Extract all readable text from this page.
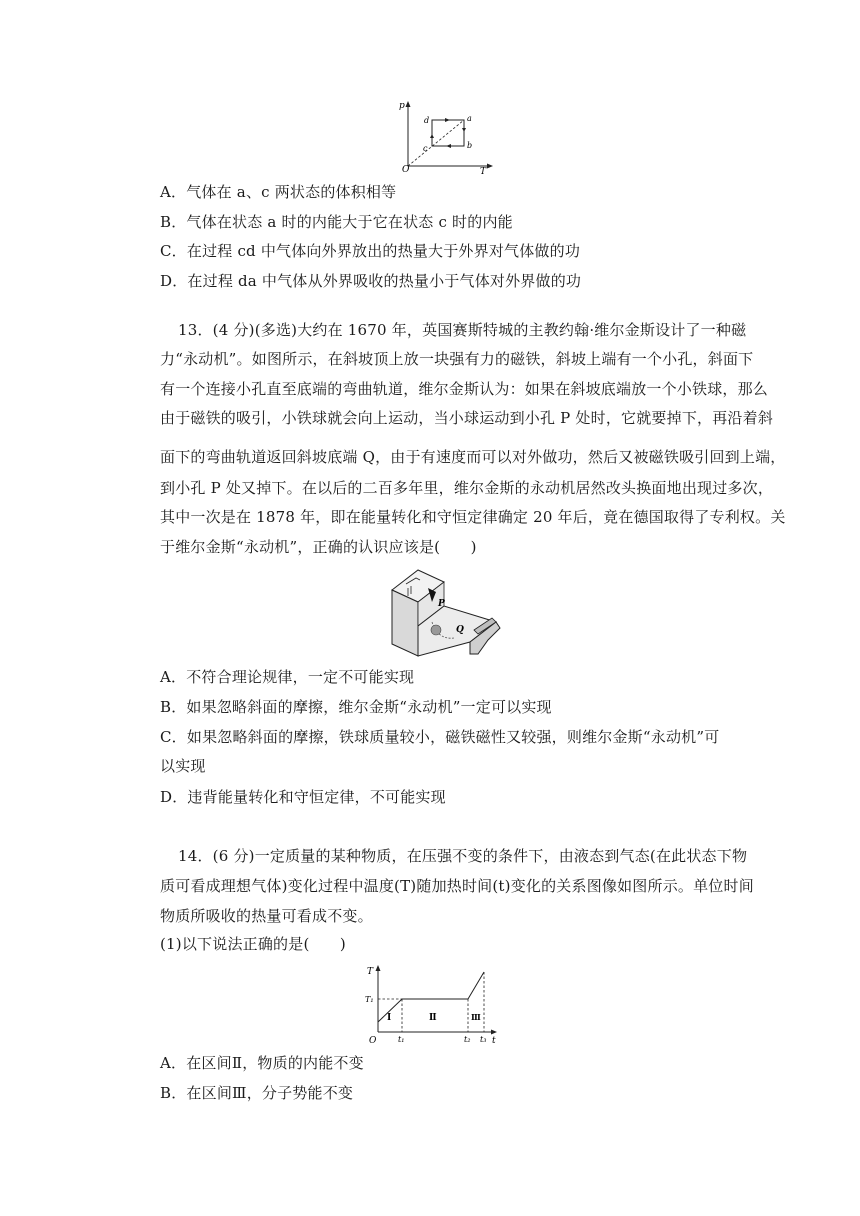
p
O	T
a
b
c
d
A．气体在 a、c 两状态的体积相等
B．气体在状态 a 时的内能大于它在状态 c 时的内能
C．在过程 cd 中气体向外界放出的热量大于外界对气体做的功
D．在过程 da 中气体从外界吸收的热量小于气体对外界做的功
13．(4 分)(多选)大约在 1670 年，英国赛斯特城的主教约翰·维尔金斯设计了一种磁
力“永动机”。如图所示，在斜坡顶上放一块强有力的磁铁，斜坡上端有一个小孔，斜面下
有一个连接小孔直至底端的弯曲轨道，维尔金斯认为：如果在斜坡底端放一个小铁球，那么
由于磁铁的吸引，小铁球就会向上运动，当小球运动到小孔 P 处时，它就要掉下，再沿着斜
面下的弯曲轨道返回斜坡底端 Q，由于有速度而可以对外做功，然后又被磁铁吸引回到上端，
到小孔 P 处又掉下。在以后的二百多年里，维尔金斯的永动机居然改头换面地出现过多次，
其中一次是在 1878 年，即在能量转化和守恒定律确定 20 年后，竟在德国取得了专利权。关
于维尔金斯“永动机”，正确的认识应该是(　　)
P
Q
A．不符合理论规律，一定不可能实现
B．如果忽略斜面的摩擦，维尔金斯“永动机”一定可以实现
C．如果忽略斜面的摩擦，铁球质量较小，磁铁磁性又较强，则维尔金斯“永动机”可
以实现
D．违背能量转化和守恒定律，不可能实现
14．(6 分)一定质量的某种物质，在压强不变的条件下，由液态到气态(在此状态下物
质可看成理想气体)变化过程中温度(T)随加热时间(t)变化的关系图像如图所示。单位时间
物质所吸收的热量可看成不变。
(1)以下说法正确的是(　　)
T
T₁
O	t₁	t₂ t₃ t
Ⅰ	Ⅱ	Ⅲ
A．在区间Ⅱ，物质的内能不变
B．在区间Ⅲ，分子势能不变
